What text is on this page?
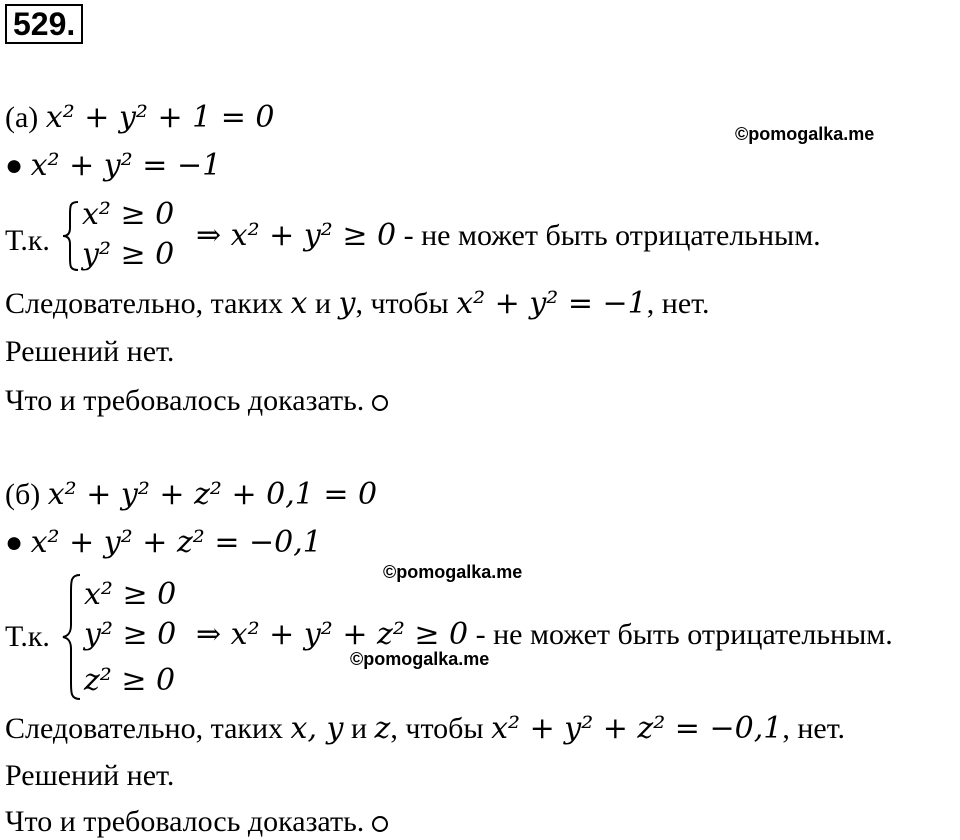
529.
©pomogalka.me
©pomogalka.me
©pomogalka.me
(а) x² + y² + 1 = 0
● x² + y² = −1
Т.к.
x² ≥ 0
y² ≥ 0
⇒ x² + y² ≥ 0 - не может быть отрицательным.
Следовательно, таких x и y, чтобы x² + y² = −1, нет.
Решений нет.
Что и требовалось доказать.
(б) x² + y² + z² + 0,1 = 0
● x² + y² + z² = −0,1
Т.к.
x² ≥ 0
y² ≥ 0
z² ≥ 0
⇒ x² + y² + z² ≥ 0 - не может быть отрицательным.
Следовательно, таких x, y и z, чтобы x² + y² + z² = −0,1, нет.
Решений нет.
Что и требовалось доказать.
